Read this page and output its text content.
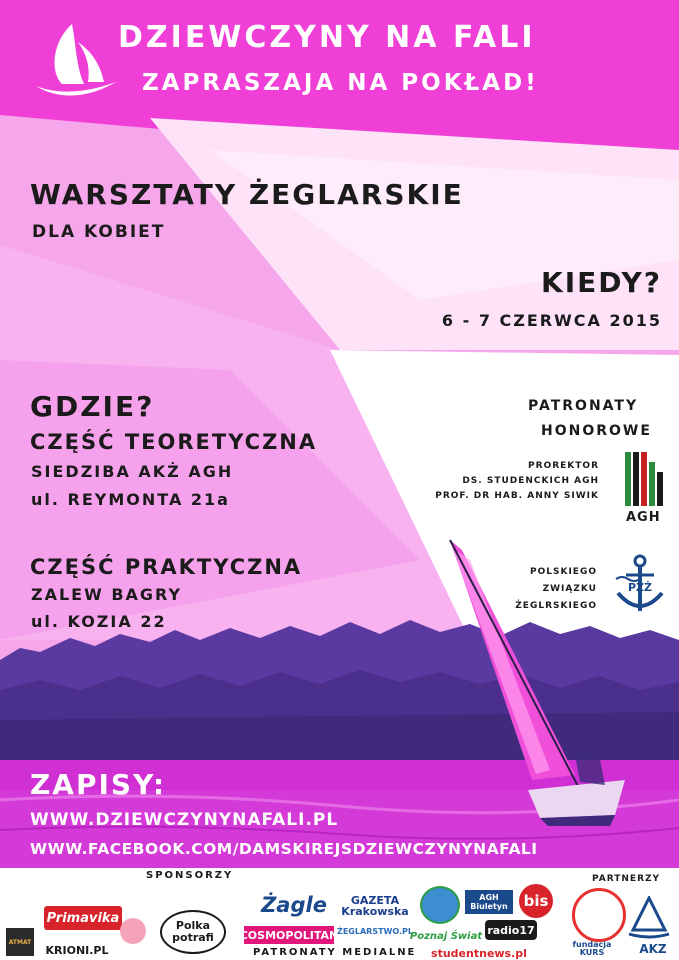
DZIEWCZYNY NA FALI
ZAPRASZAJA NA POKŁAD!
WARSZTATY ŻEGLARSKIE
DLA KOBIET
KIEDY?
6 - 7 CZERWCA 2015
GDZIE?
CZĘŚĆ TEORETYCZNA
SIEDZIBA AKŻ AGH
ul. REYMONTA 21a
CZĘŚĆ PRAKTYCZNA
ZALEW BAGRY
ul. KOZIA 22
PATRONATY
HONOROWE
PROREKTOR
DS. STUDENCKICH AGH
PROF. DR HAB. ANNY SIWIK
AGH
POLSKIEGO
ZWIĄZKU
ŻEGLRSKIEGO
PZŻ
ZAPISY:
WWW.DZIEWCZYNYNAFALI.PL
WWW.FACEBOOK.COM/DAMSKIREJSDZIEWCZYNYNAFALI
SPONSORZY	PARTNERZY
PATRONATY MEDIALNE
Primavika	Polka potrafi
ATMAT
KRIONI.PL
Żagle
COSMOPOLITAN
GAZETA Krakowska
ŻEGLARSTWO.PL
Poznaj Świat
AGH Biuletyn	bis
radio17
studentnews.pl
fundacja KURS	AKZ
